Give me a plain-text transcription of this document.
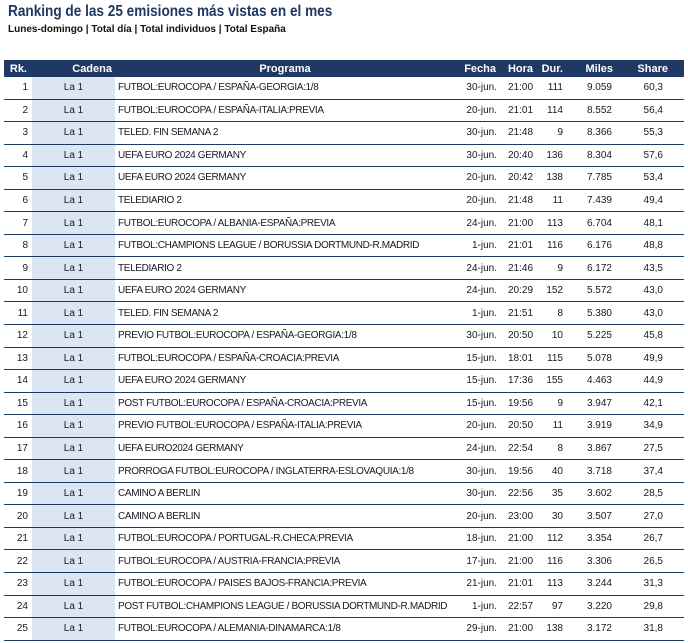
Ranking de las 25 emisiones más vistas en el mes

Lunes-domingo | Total día | Total individuos | Total España

Rk.	Cadena	Programa	Fecha	Hora Dur.	Miles	Share
1	La 1	FUTBOL:EUROCOPA / ESPAÑA-GEORGIA:1/8	30-jun.	21:00	111	9.059	60,3
2	La 1	FUTBOL:EUROCOPA / ESPAÑA-ITALIA:PREVIA	20-jun.	21:01	114	8.552	56,4
3	La 1	TELED. FIN SEMANA 2	30-jun.	21:48	9	8.366	55,3
4	La 1	UEFA EURO 2024 GERMANY	30-jun.	20:40	136	8.304	57,6
5	La 1	UEFA EURO 2024 GERMANY	20-jun.	20:42	138	7.785	53,4
6	La 1	TELEDIARIO 2	20-jun.	21:48	11	7.439	49,4
7	La 1	FUTBOL:EUROCOPA / ALBANIA-ESPAÑA:PREVIA	24-jun.	21:00	113	6.704	48,1
8	La 1	FUTBOL:CHAMPIONS LEAGUE / BORUSSIA DORTMUND-R.MADRID	1-jun.	21:01	116	6.176	48,8
9	La 1	TELEDIARIO 2	24-jun.	21:46	9	6.172	43,5
10	La 1	UEFA EURO 2024 GERMANY	24-jun.	20:29	152	5.572	43,0
11	La 1	TELED. FIN SEMANA 2	1-jun.	21:51	8	5.380	43,0
12	La 1	PREVIO FUTBOL:EUROCOPA / ESPAÑA-GEORGIA:1/8	30-jun.	20:50	10	5.225	45,8
13	La 1	FUTBOL:EUROCOPA / ESPAÑA-CROACIA:PREVIA	15-jun.	18:01	115	5.078	49,9
14	La 1	UEFA EURO 2024 GERMANY	15-jun.	17:36	155	4.463	44,9
15	La 1	POST FUTBOL:EUROCOPA / ESPAÑA-CROACIA:PREVIA	15-jun.	19:56	9	3.947	42,1
16	La 1	PREVIO FUTBOL:EUROCOPA / ESPAÑA-ITALIA:PREVIA	20-jun.	20:50	11	3.919	34,9
17	La 1	UEFA EURO2024 GERMANY	24-jun.	22:54	8	3.867	27,5
18	La 1	PRORROGA FUTBOL:EUROCOPA / INGLATERRA-ESLOVAQUIA:1/8	30-jun.	19:56	40	3.718	37,4
19	La 1	CAMINO A BERLIN	30-jun.	22:56	35	3.602	28,5
20	La 1	CAMINO A BERLIN	20-jun.	23:00	30	3.507	27,0
21	La 1	FUTBOL:EUROCOPA / PORTUGAL-R.CHECA:PREVIA	18-jun.	21:00	112	3.354	26,7
22	La 1	FUTBOL:EUROCOPA / AUSTRIA-FRANCIA:PREVIA	17-jun.	21:00	116	3.306	26,5
23	La 1	FUTBOL:EUROCOPA / PAISES BAJOS-FRANCIA:PREVIA	21-jun.	21:01	113	3.244	31,3
24	La 1	POST FUTBOL:CHAMPIONS LEAGUE / BORUSSIA DORTMUND-R.MADRID	1-jun.	22:57	97	3.220	29,8
25	La 1	FUTBOL:EUROCOPA / ALEMANIA-DINAMARCA:1/8	29-jun.	21:00	138	3.172	31,8
